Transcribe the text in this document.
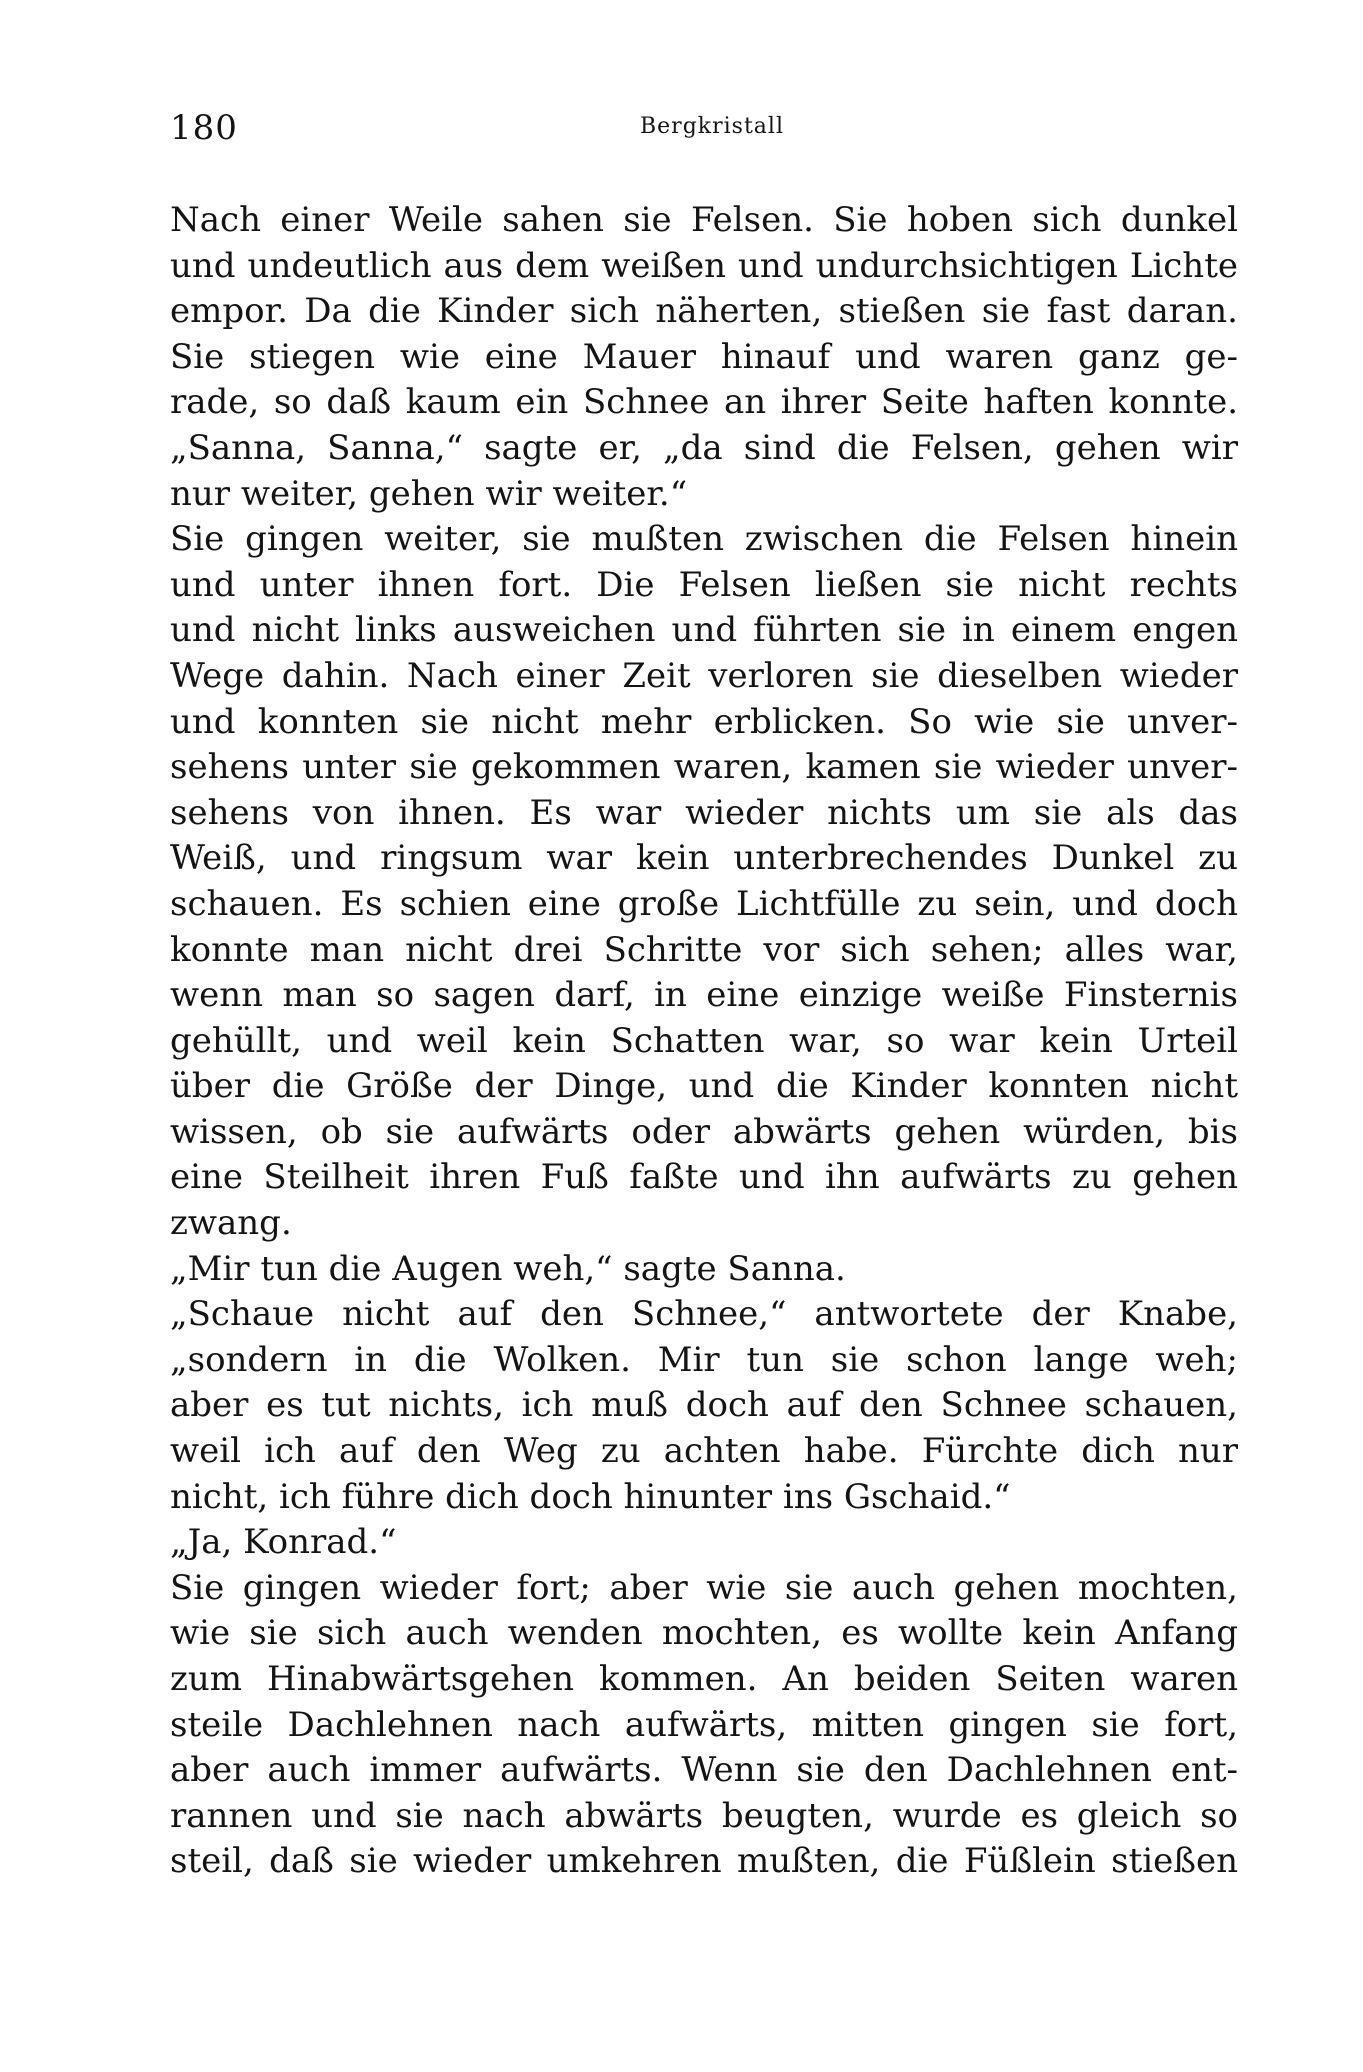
180	Bergkristall
Nach einer Weile sahen sie Felsen. Sie hoben sich dunkel
und undeutlich aus dem weißen und undurchsichtigen Lichte
empor. Da die Kinder sich näherten, stießen sie fast daran.
Sie stiegen wie eine Mauer hinauf und waren ganz ge-
rade, so daß kaum ein Schnee an ihrer Seite haften konnte.
„Sanna, Sanna,“ sagte er, „da sind die Felsen, gehen wir
nur weiter, gehen wir weiter.“
Sie gingen weiter, sie mußten zwischen die Felsen hinein
und unter ihnen fort. Die Felsen ließen sie nicht rechts
und nicht links ausweichen und führten sie in einem engen
Wege dahin. Nach einer Zeit verloren sie dieselben wieder
und konnten sie nicht mehr erblicken. So wie sie unver-
sehens unter sie gekommen waren, kamen sie wieder unver-
sehens von ihnen. Es war wieder nichts um sie als das
Weiß, und ringsum war kein unterbrechendes Dunkel zu
schauen. Es schien eine große Lichtfülle zu sein, und doch
konnte man nicht drei Schritte vor sich sehen; alles war,
wenn man so sagen darf, in eine einzige weiße Finsternis
gehüllt, und weil kein Schatten war, so war kein Urteil
über die Größe der Dinge, und die Kinder konnten nicht
wissen, ob sie aufwärts oder abwärts gehen würden, bis
eine Steilheit ihren Fuß faßte und ihn aufwärts zu gehen
zwang.
„Mir tun die Augen weh,“ sagte Sanna.
„Schaue nicht auf den Schnee,“ antwortete der Knabe,
„sondern in die Wolken. Mir tun sie schon lange weh;
aber es tut nichts, ich muß doch auf den Schnee schauen,
weil ich auf den Weg zu achten habe. Fürchte dich nur
nicht, ich führe dich doch hinunter ins Gschaid.“
„Ja, Konrad.“
Sie gingen wieder fort; aber wie sie auch gehen mochten,
wie sie sich auch wenden mochten, es wollte kein Anfang
zum Hinabwärtsgehen kommen. An beiden Seiten waren
steile Dachlehnen nach aufwärts, mitten gingen sie fort,
aber auch immer aufwärts. Wenn sie den Dachlehnen ent-
rannen und sie nach abwärts beugten, wurde es gleich so
steil, daß sie wieder umkehren mußten, die Füßlein stießen
